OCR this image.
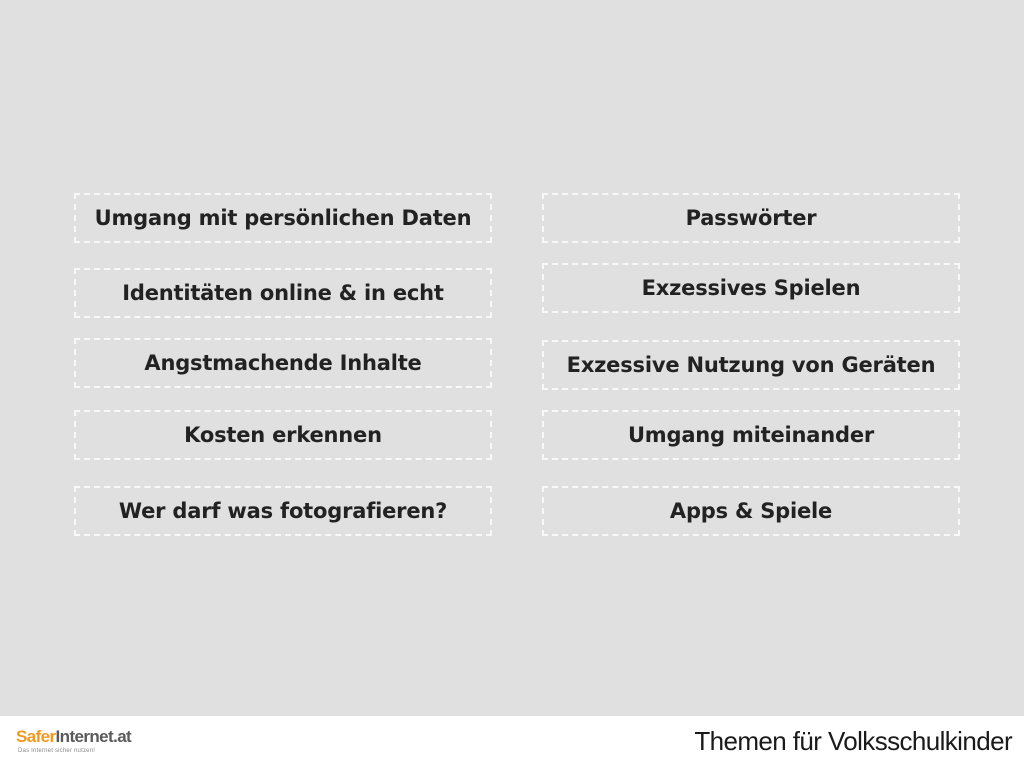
Umgang mit persönlichen Daten
Identitäten online & in echt
Angstmachende Inhalte
Kosten erkennen
Wer darf was fotografieren?
Passwörter
Exzessives Spielen
Exzessive Nutzung von Geräten
Umgang miteinander
Apps & Spiele
SaferInternet.at
Das Internet sicher nutzen!	Themen für Volksschulkinder
